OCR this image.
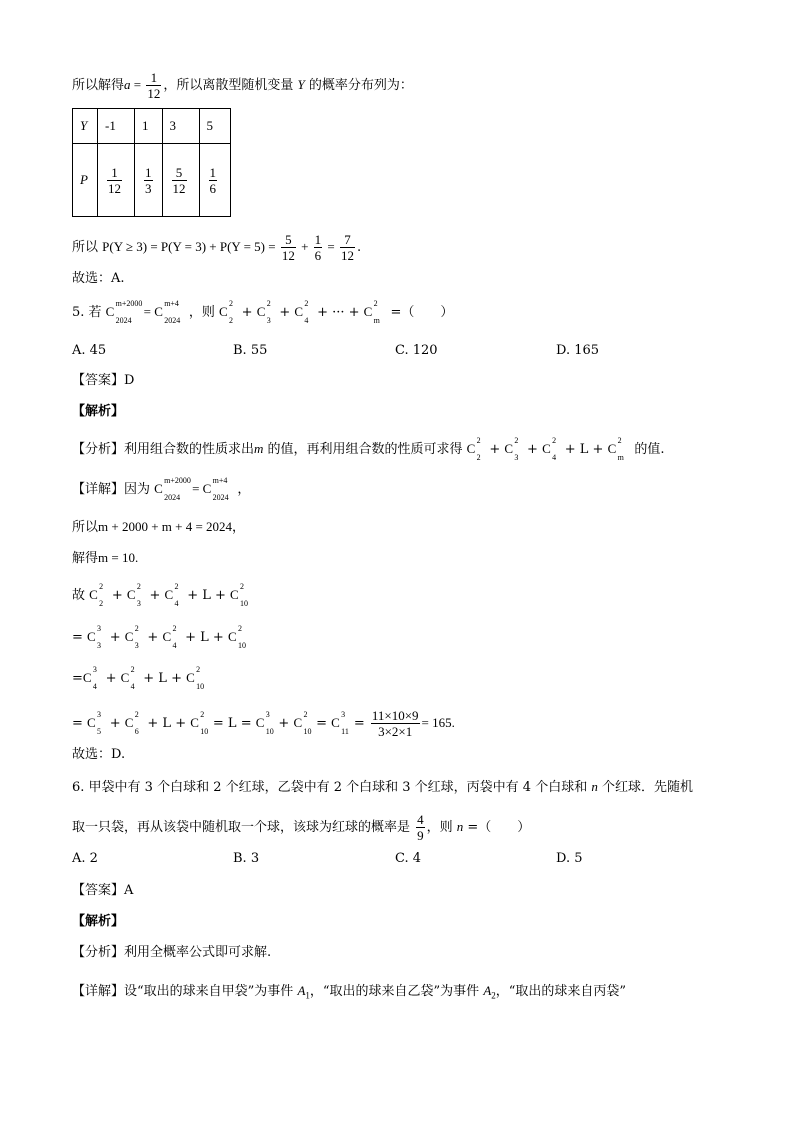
所以解得$a = \frac{1}{12}$ ，所以离散型随机变量 Y 的概率分布列为：
Y	-1	1	3	5
P	$\frac{1}{12}$	$\frac{1}{3}$	$\frac{5}{12}$	$\frac{1}{6}$
所以 $P(Y \ge 3) = P(Y = 3) + P(Y = 5) = \frac{5}{12} + \frac{1}{6} = \frac{7}{12}$ .
故选：A.
5. 若 C
m+2000
2024
= C
m+4
2024
，则 C
2
2
+ C
2
3
+ C
2
4
+ ··· + C
2
m
=（　　）
A. 45	B. 55	C. 120	D. 165
【答案】D
【解析】
【分析】利用组合数的性质求出m 的值，再利用组合数的性质可求得 C
2
2
+ C
2
3
+ C
2
4
+ L + C
2
m
的值.
【详解】因为 C
m+2000
2024
= C
m+4
2024
，
所以m + 2000 + m + 4 = 2024，
解得m = 10.
故 C
2
2
+ C
2
3
+ C
2
4
+ L + C
2
10
= C
3
3
+ C
2
3
+ C
2
4
+ L + C
2
10
=C
3
4
+ C
2
4
+ L + C
2
10
= C
3
5
+ C
2
6
+ L + C
2
10
= L = C
3
10
+ C
2
10
= C
3
11
= $\frac{11\times 10\times 9}{3\times 2\times 1} = 165$.
故选：D.
6. 甲袋中有 3 个白球和 2 个红球，乙袋中有 2 个白球和 3 个红球，丙袋中有 4 个白球和 n 个红球．先随机
取一只袋，再从该袋中随机取一个球，该球为红球的概率是 $\frac{4}{9}$ ，则 n =（　　）
A. 2	B. 3	C. 4	D. 5
【答案】A
【解析】
【分析】利用全概率公式即可求解.
【详解】设“取出的球来自甲袋”为事件 $A_1$，“取出的球来自乙袋”为事件 $A_2$，“取出的球来自丙袋”
